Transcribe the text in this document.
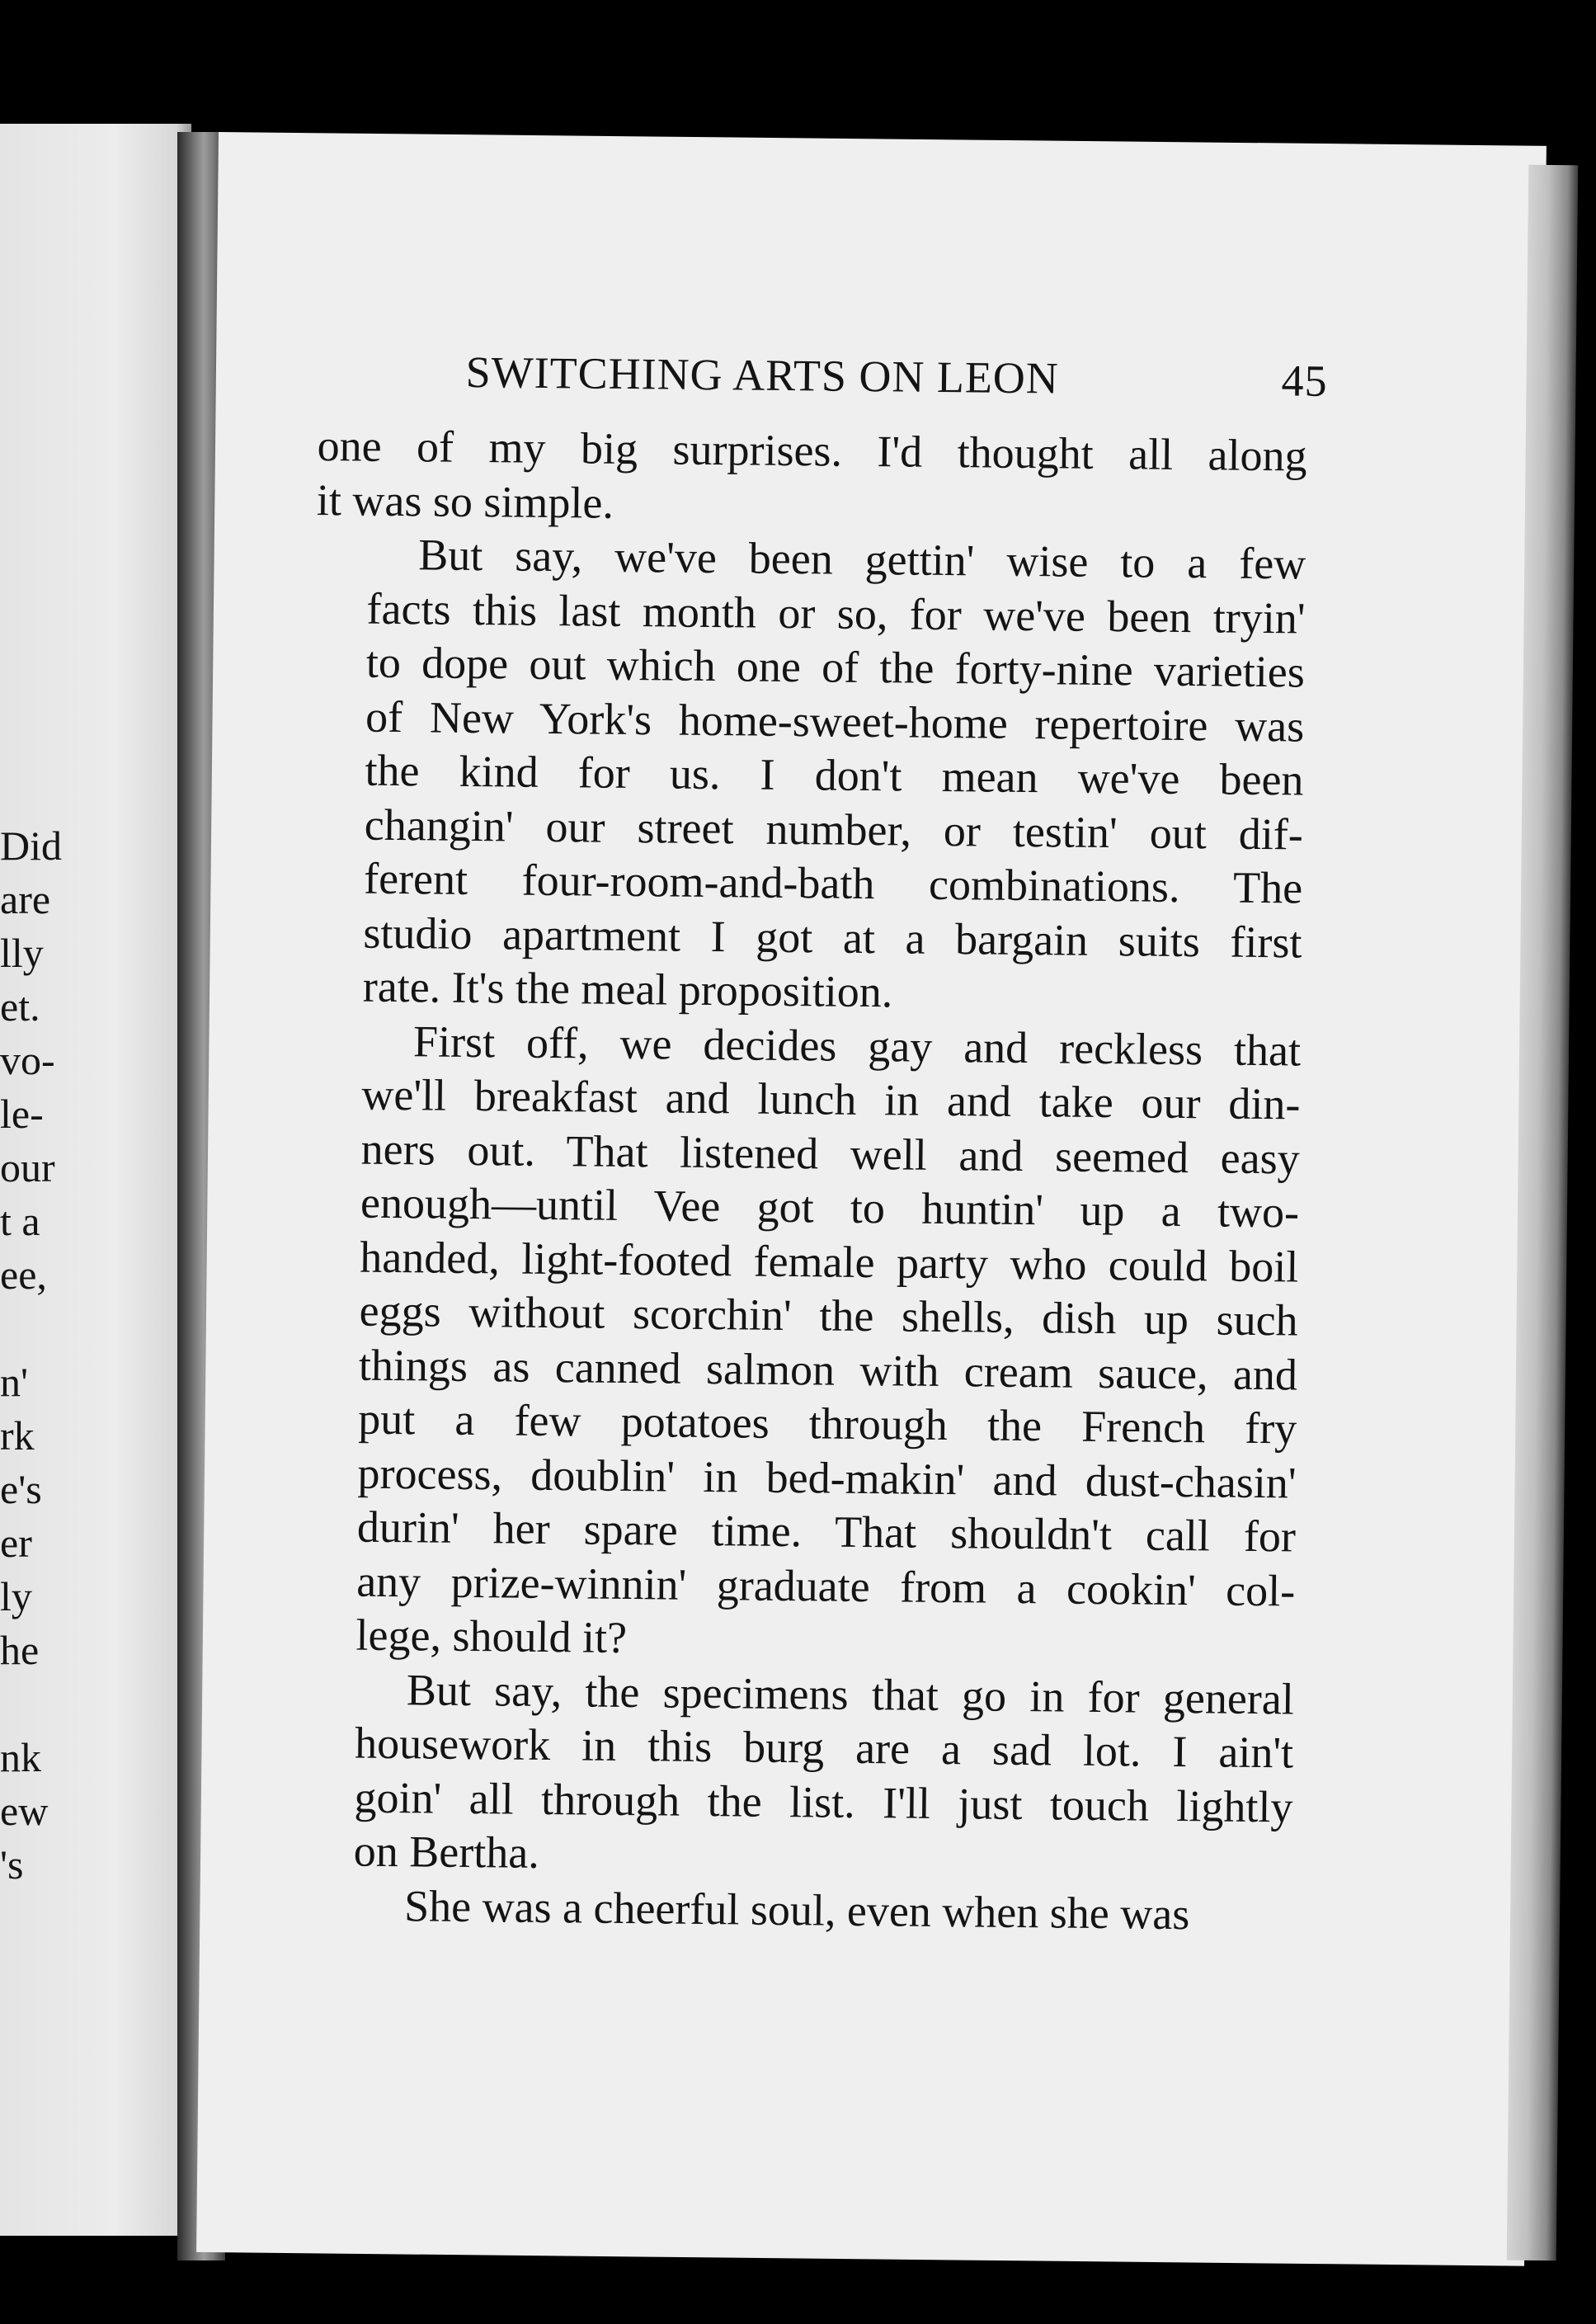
Did
are
lly
et.
vo-
le-
our
t a
ee,
n'
rk
e's
er
ly
he
nk
ew
's
SWITCHING ARTS ON LEON	45

one of my big surprises. I'd thought all along
it was so simple.

But say, we've been gettin' wise to a few
facts this last month or so, for we've been tryin'
to dope out which one of the forty-nine varieties
of New York's home-sweet-home repertoire was
the kind for us. I don't mean we've been
changin' our street number, or testin' out dif-
ferent four-room-and-bath combinations. The
studio apartment I got at a bargain suits first
rate. It's the meal proposition.

First off, we decides gay and reckless that
we'll breakfast and lunch in and take our din-
ners out. That listened well and seemed easy
enough—until Vee got to huntin' up a two-
handed, light-footed female party who could boil
eggs without scorchin' the shells, dish up such
things as canned salmon with cream sauce, and
put a few potatoes through the French fry
process, doublin' in bed-makin' and dust-chasin'
durin' her spare time. That shouldn't call for
any prize-winnin' graduate from a cookin' col-
lege, should it?

But say, the specimens that go in for general
housework in this burg are a sad lot. I ain't
goin' all through the list. I'll just touch lightly
on Bertha.

She was a cheerful soul, even when she was
